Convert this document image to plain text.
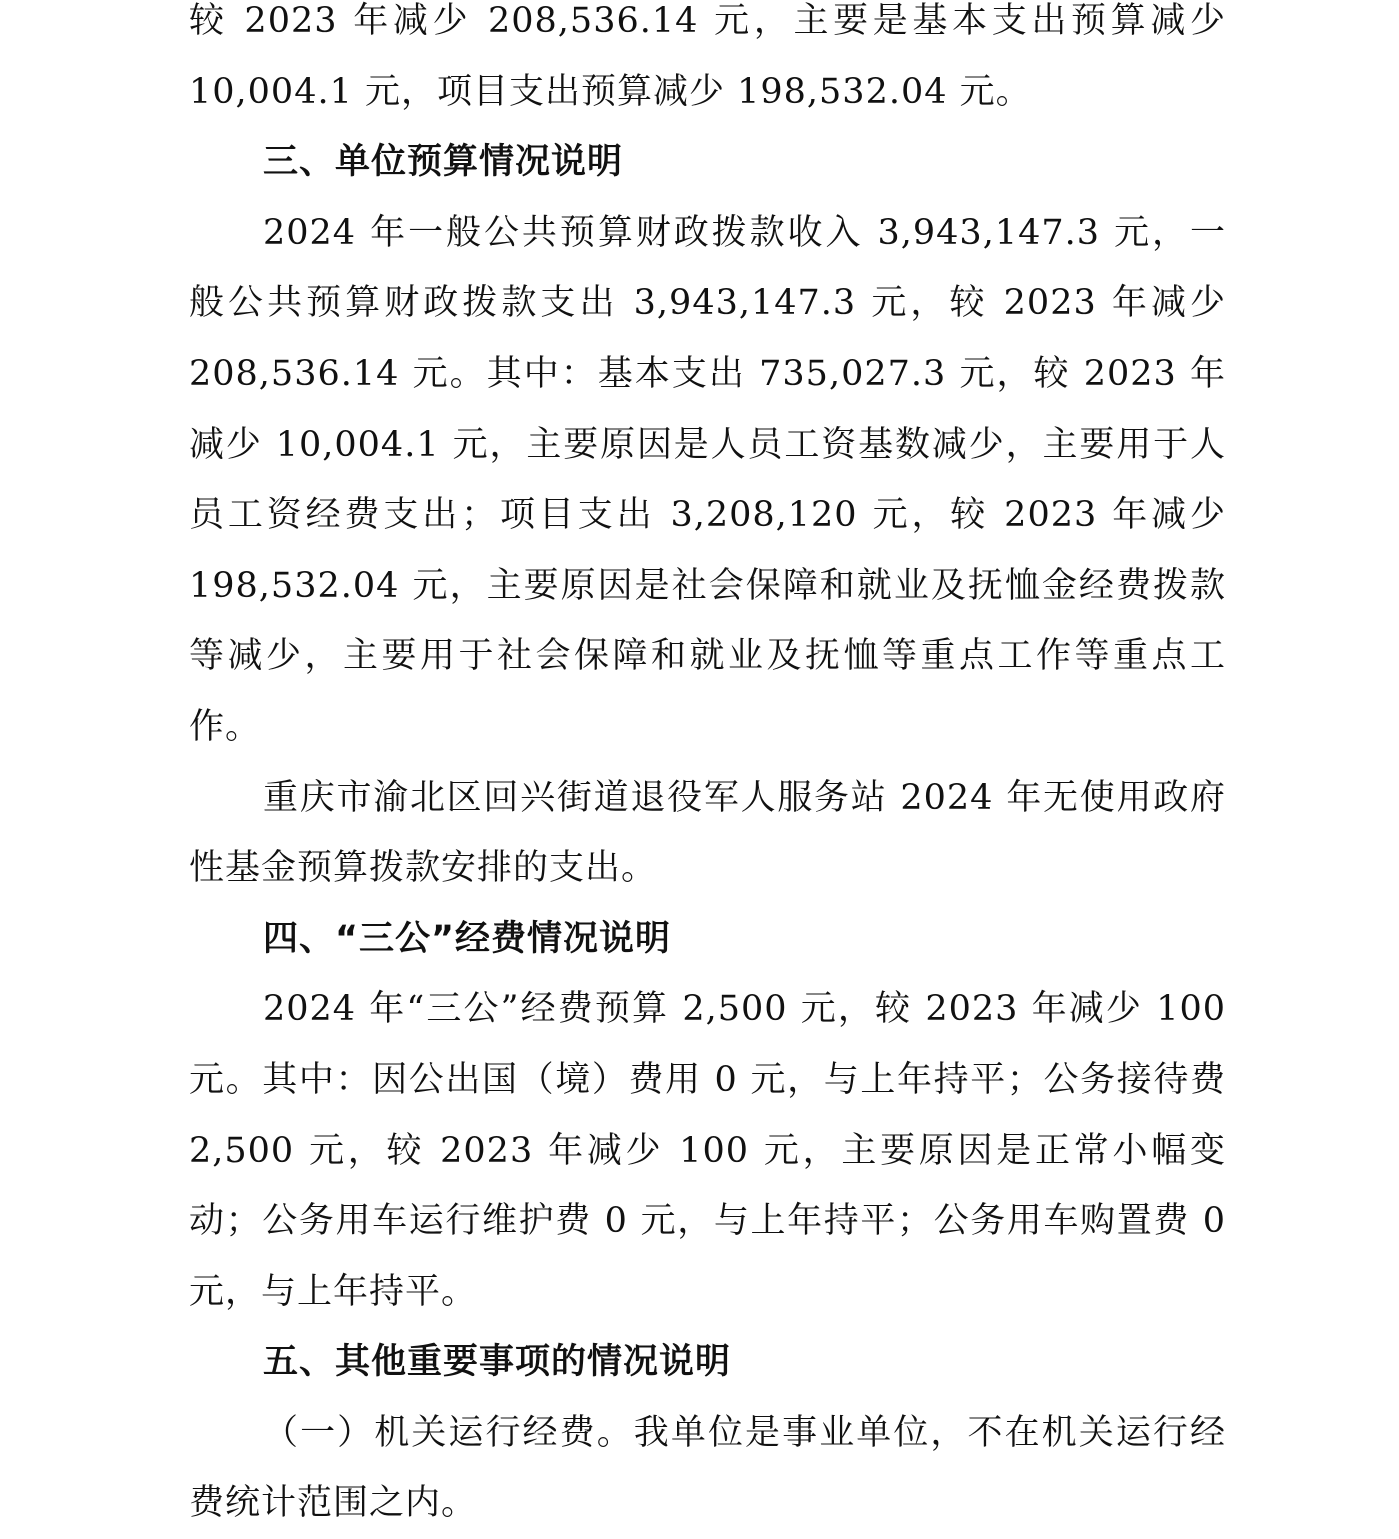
较 2023 年减少 208,536.14 元，主要是基本支出预算减少 10,004.1 元，项目支出预算减少 198,532.04 元。

三、单位预算情况说明

2024 年一般公共预算财政拨款收入 3,943,147.3 元，一般公共预算财政拨款支出 3,943,147.3 元，较 2023 年减少 208,536.14 元。其中：基本支出 735,027.3 元，较 2023 年减少 10,004.1 元，主要原因是人员工资基数减少，主要用于人员工资经费支出；项目支出 3,208,120 元，较 2023 年减少 198,532.04 元，主要原因是社会保障和就业及抚恤金经费拨款等减少，主要用于社会保障和就业及抚恤等重点工作等重点工作。

重庆市渝北区回兴街道退役军人服务站 2024 年无使用政府性基金预算拨款安排的支出。

四、“三公”经费情况说明

2024 年“三公”经费预算 2,500 元，较 2023 年减少 100 元。其中：因公出国（境）费用 0 元，与上年持平；公务接待费 2,500 元，较 2023 年减少 100 元，主要原因是正常小幅变动；公务用车运行维护费 0 元，与上年持平；公务用车购置费 0 元，与上年持平。

五、其他重要事项的情况说明

（一）机关运行经费。我单位是事业单位，不在机关运行经费统计范围之内。
